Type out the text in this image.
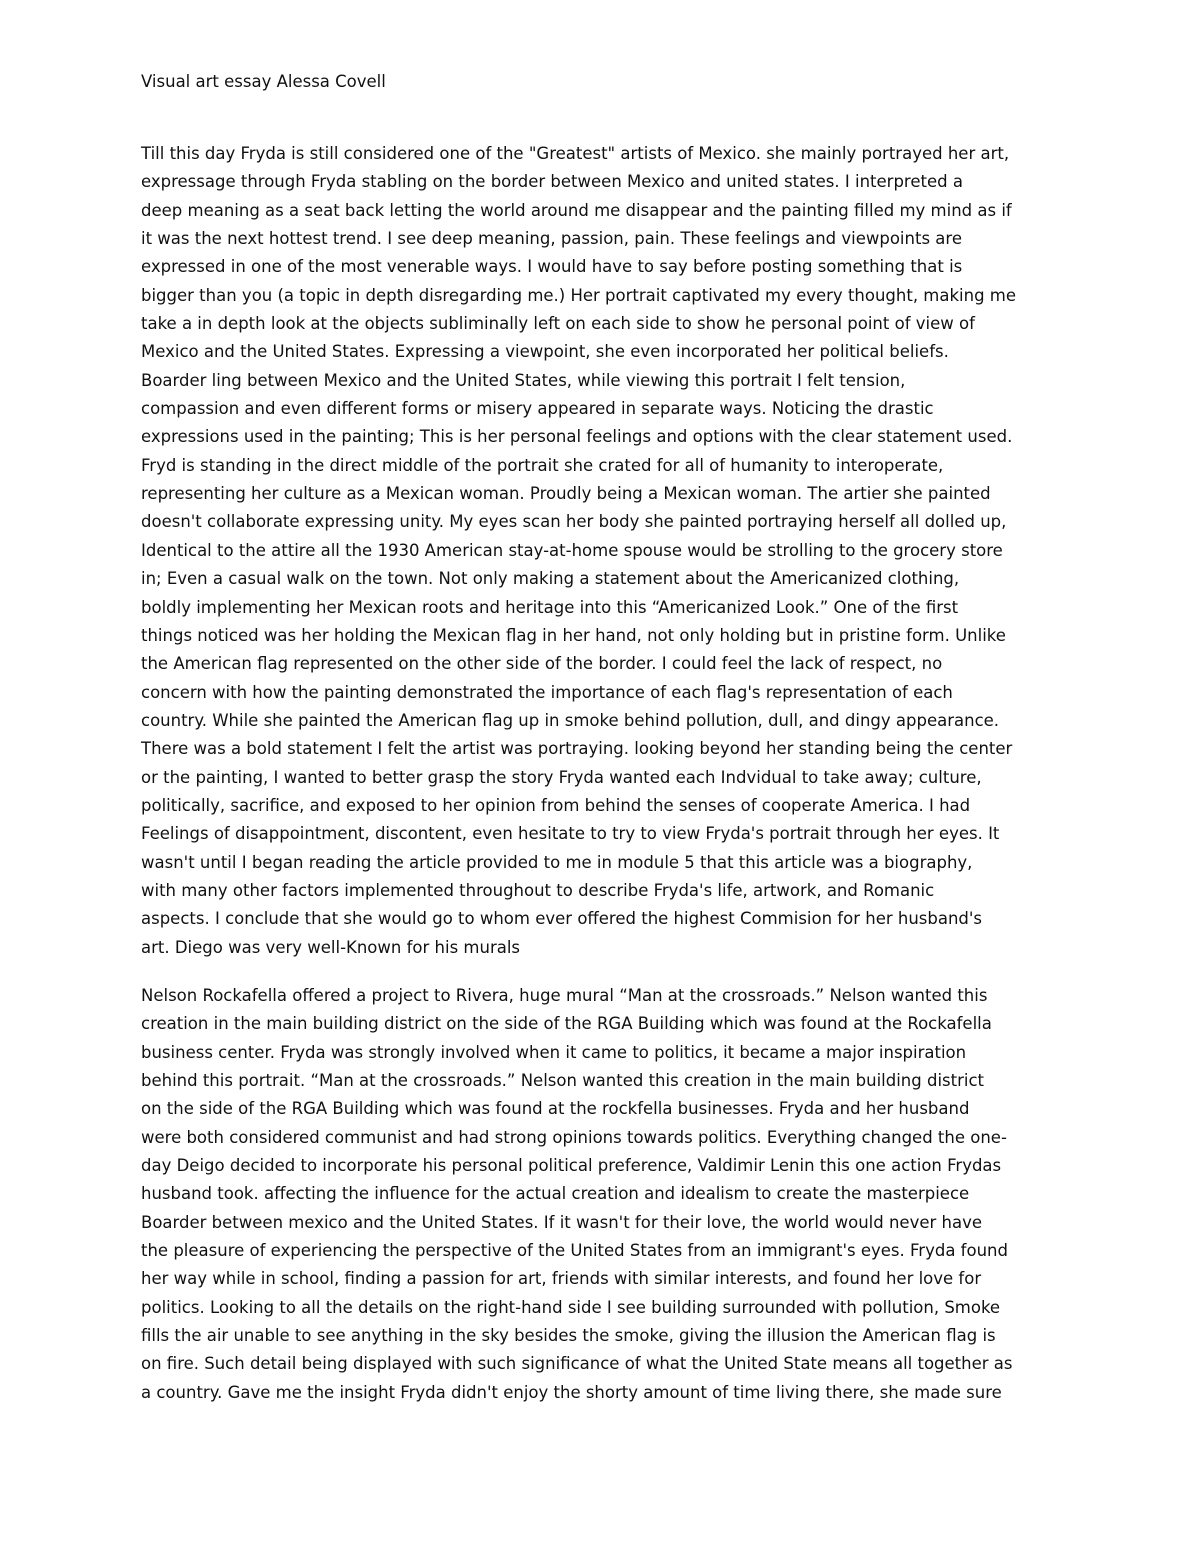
Visual art essay Alessa Covell

Till this day Fryda is still considered one of the "Greatest" artists of Mexico. she mainly portrayed her art,
expressage through Fryda stabling on the border between Mexico and united states. I interpreted a
deep meaning as a seat back letting the world around me disappear and the painting filled my mind as if
it was the next hottest trend. I see deep meaning, passion, pain. These feelings and viewpoints are
expressed in one of the most venerable ways. I would have to say before posting something that is
bigger than you (a topic in depth disregarding me.) Her portrait captivated my every thought, making me
take a in depth look at the objects subliminally left on each side to show he personal point of view of
Mexico and the United States. Expressing a viewpoint, she even incorporated her political beliefs.
Boarder ling between Mexico and the United States, while viewing this portrait I felt tension,
compassion and even different forms or misery appeared in separate ways. Noticing the drastic
expressions used in the painting; This is her personal feelings and options with the clear statement used.
Fryd is standing in the direct middle of the portrait she crated for all of humanity to interoperate,
representing her culture as a Mexican woman. Proudly being a Mexican woman. The artier she painted
doesn't collaborate expressing unity. My eyes scan her body she painted portraying herself all dolled up,
Identical to the attire all the 1930 American stay-at-home spouse would be strolling to the grocery store
in; Even a casual walk on the town. Not only making a statement about the Americanized clothing,
boldly implementing her Mexican roots and heritage into this “Americanized Look.” One of the first
things noticed was her holding the Mexican flag in her hand, not only holding but in pristine form. Unlike
the American flag represented on the other side of the border. I could feel the lack of respect, no
concern with how the painting demonstrated the importance of each flag's representation of each
country. While she painted the American flag up in smoke behind pollution, dull, and dingy appearance.
There was a bold statement I felt the artist was portraying. looking beyond her standing being the center
or the painting, I wanted to better grasp the story Fryda wanted each Indvidual to take away; culture,
politically, sacrifice, and exposed to her opinion from behind the senses of cooperate America. I had
Feelings of disappointment, discontent, even hesitate to try to view Fryda's portrait through her eyes. It
wasn't until I began reading the article provided to me in module 5 that this article was a biography,
with many other factors implemented throughout to describe Fryda's life, artwork, and Romanic
aspects. I conclude that she would go to whom ever offered the highest Commision for her husband's
art. Diego was very well-Known for his murals

Nelson Rockafella offered a project to Rivera, huge mural “Man at the crossroads.” Nelson wanted this
creation in the main building district on the side of the RGA Building which was found at the Rockafella
business center. Fryda was strongly involved when it came to politics, it became a major inspiration
behind this portrait. “Man at the crossroads.” Nelson wanted this creation in the main building district
on the side of the RGA Building which was found at the rockfella businesses. Fryda and her husband
were both considered communist and had strong opinions towards politics. Everything changed the one-
day Deigo decided to incorporate his personal political preference, Valdimir Lenin this one action Frydas
husband took. affecting the influence for the actual creation and idealism to create the masterpiece
Boarder between mexico and the United States. If it wasn't for their love, the world would never have
the pleasure of experiencing the perspective of the United States from an immigrant's eyes. Fryda found
her way while in school, finding a passion for art, friends with similar interests, and found her love for
politics. Looking to all the details on the right-hand side I see building surrounded with pollution, Smoke
fills the air unable to see anything in the sky besides the smoke, giving the illusion the American flag is
on fire. Such detail being displayed with such significance of what the United State means all together as
a country. Gave me the insight Fryda didn't enjoy the shorty amount of time living there, she made sure
